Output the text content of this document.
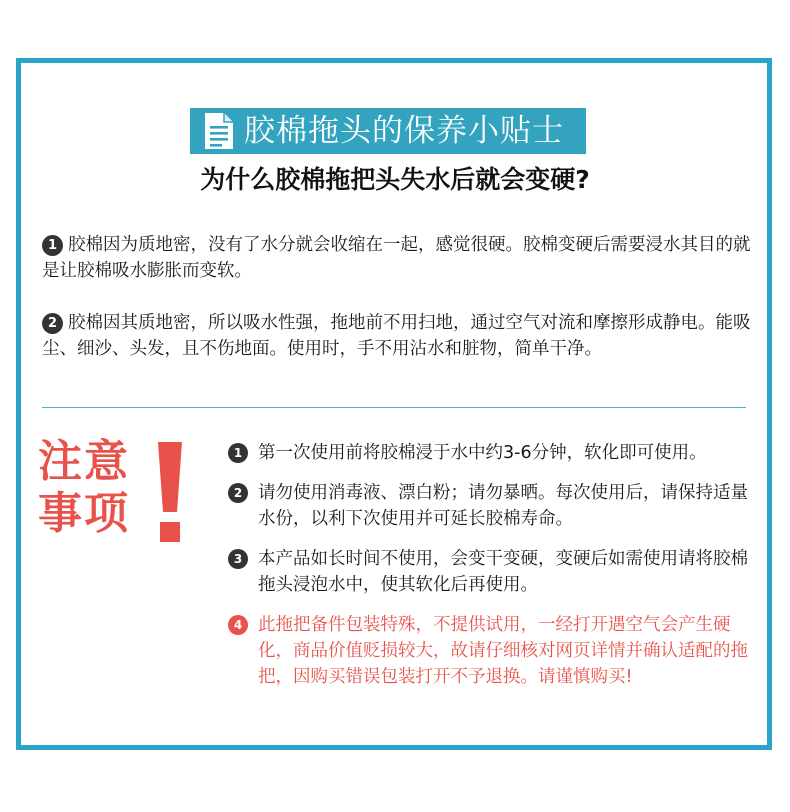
胶棉拖头的保养小贴士
为什么胶棉拖把头失水后就会变硬?
1 胶棉因为质地密，没有了水分就会收缩在一起，感觉很硬。胶棉变硬后需要浸水其目的就是让胶棉吸水膨胀而变软。
2 胶棉因其质地密，所以吸水性强，拖地前不用扫地，通过空气对流和摩擦形成静电。能吸尘、细沙、头发，且不伤地面。使用时，手不用沾水和脏物，简单干净。
注意
事项
1 第一次使用前将胶棉浸于水中约3-6分钟，软化即可使用。
2 请勿使用消毒液、漂白粉；请勿暴晒。每次使用后，请保持适量水份，以利下次使用并可延长胶棉寿命。
3 本产品如长时间不使用，会变干变硬，变硬后如需使用请将胶棉拖头浸泡水中，使其软化后再使用。
4 此拖把备件包装特殊，不提供试用，一经打开遇空气会产生硬化，商品价值贬损较大，故请仔细核对网页详情并确认适配的拖把，因购买错误包装打开不予退换。请谨慎购买!
